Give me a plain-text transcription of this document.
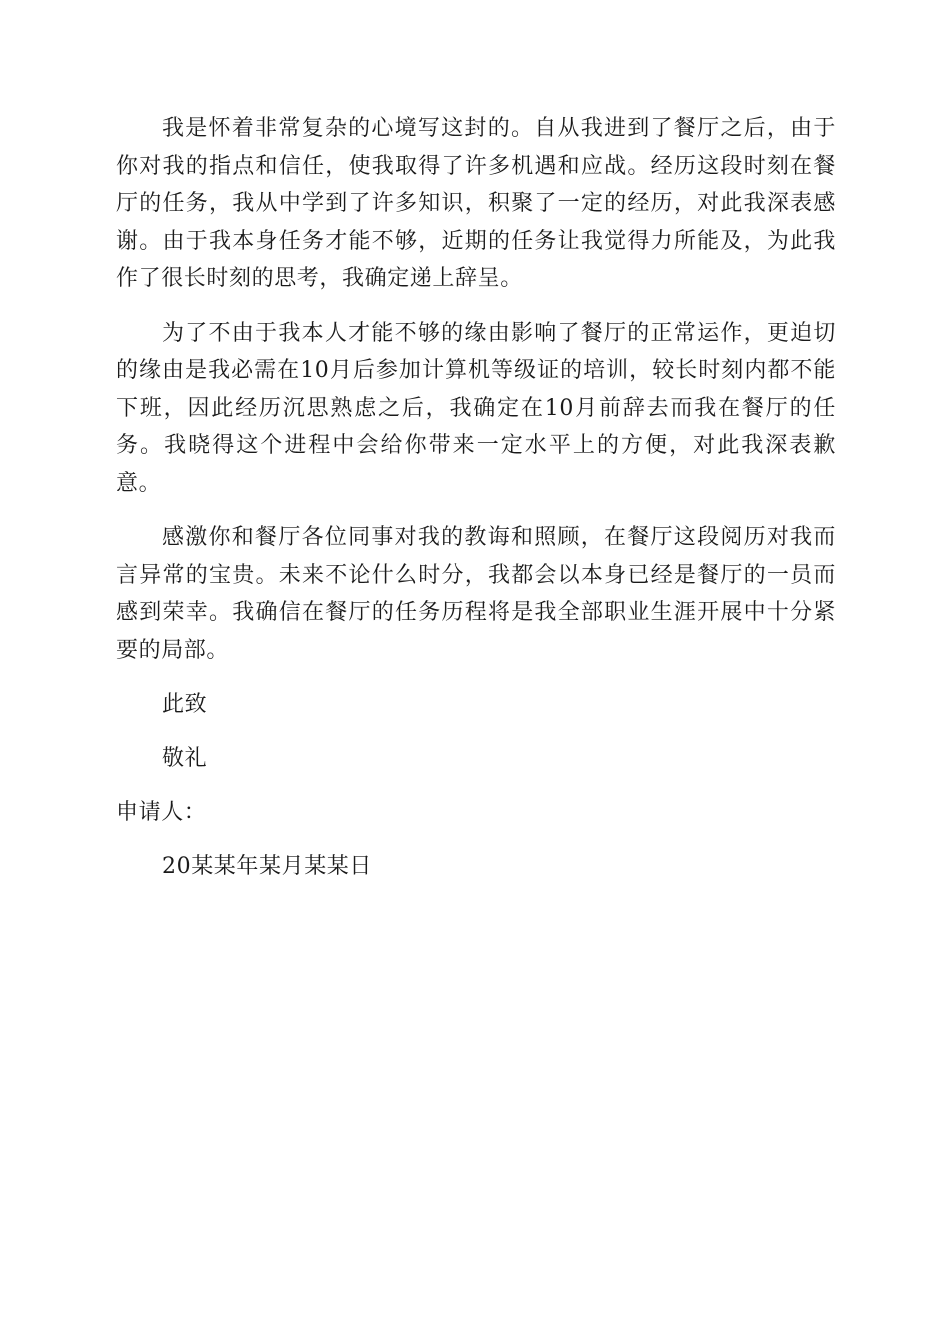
我是怀着非常复杂的心境写这封的。自从我进到了餐厅之后，由于你对我的指点和信任，使我取得了许多机遇和应战。经历这段时刻在餐厅的任务，我从中学到了许多知识，积聚了一定的经历，对此我深表感谢。由于我本身任务才能不够，近期的任务让我觉得力所能及，为此我作了很长时刻的思考，我确定递上辞呈。

为了不由于我本人才能不够的缘由影响了餐厅的正常运作，更迫切的缘由是我必需在10月后参加计算机等级证的培训，较长时刻内都不能下班，因此经历沉思熟虑之后，我确定在10月前辞去而我在餐厅的任务。我晓得这个进程中会给你带来一定水平上的方便，对此我深表歉意。

感激你和餐厅各位同事对我的教诲和照顾，在餐厅这段阅历对我而言异常的宝贵。未来不论什么时分，我都会以本身已经是餐厅的一员而感到荣幸。我确信在餐厅的任务历程将是我全部职业生涯开展中十分紧要的局部。

此致

敬礼

申请人：

20某某年某月某某日
